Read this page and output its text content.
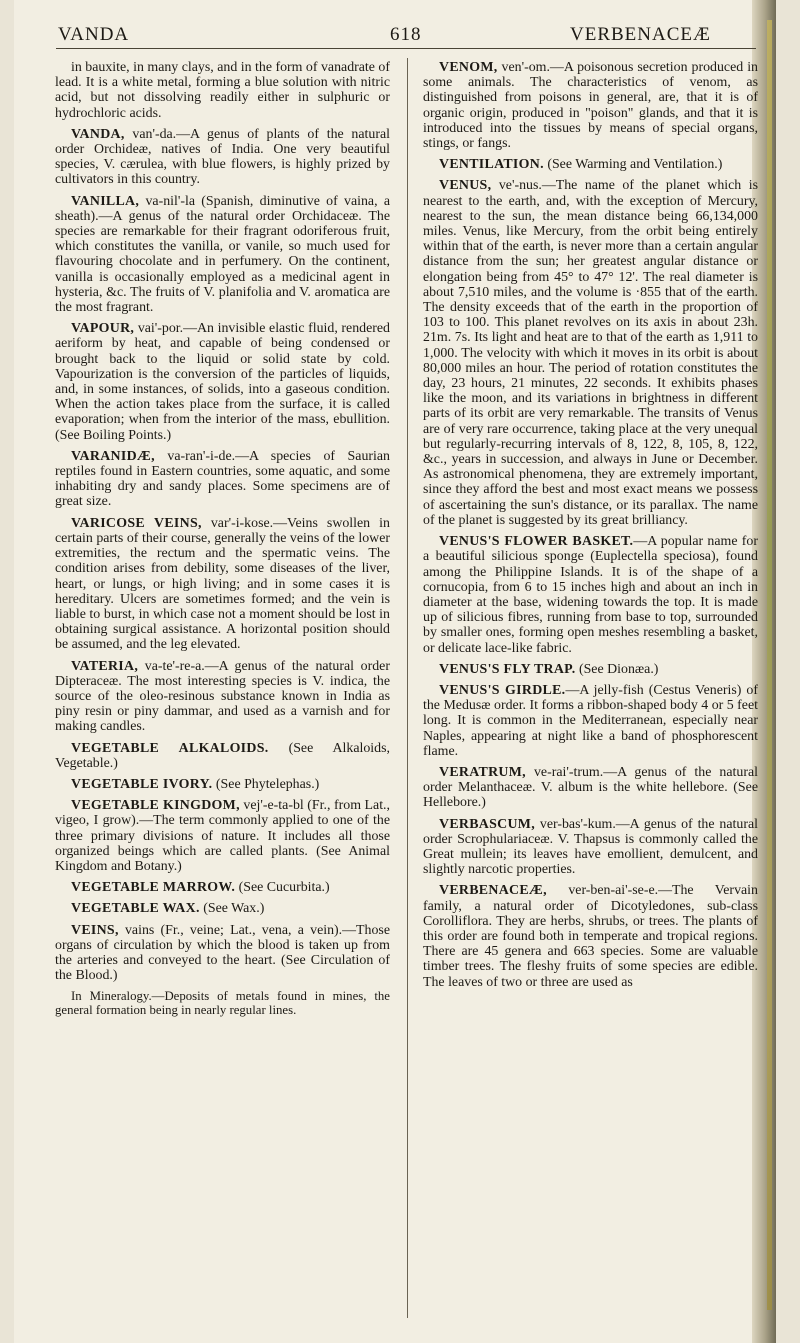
VANDA	618	VERBENACEÆ

in bauxite, in many clays, and in the form of vanadrate of lead. It is a white metal, forming a blue solution with nitric acid, but not dissolving readily either in sulphuric or hydrochloric acids.

VANDA, van'-da.—A genus of plants of the natural order Orchideæ, natives of India. One very beautiful species, V. cærulea, with blue flowers, is highly prized by cultivators in this country.

VANILLA, va-nil'-la (Spanish, diminutive of vaina, a sheath).—A genus of the natural order Orchidaceæ. The species are remarkable for their fragrant odoriferous fruit, which constitutes the vanilla, or vanile, so much used for flavouring chocolate and in perfumery. On the continent, vanilla is occasionally employed as a medicinal agent in hysteria, &c. The fruits of V. planifolia and V. aromatica are the most fragrant.

VAPOUR, vai'-por.—An invisible elastic fluid, rendered aeriform by heat, and capable of being condensed or brought back to the liquid or solid state by cold. Vapourization is the conversion of the particles of liquids, and, in some instances, of solids, into a gaseous condition. When the action takes place from the surface, it is called evaporation; when from the interior of the mass, ebullition. (See Boiling Points.)

VARANIDÆ, va-ran'-i-de.—A species of Saurian reptiles found in Eastern countries, some aquatic, and some inhabiting dry and sandy places. Some specimens are of great size.

VARICOSE VEINS, var'-i-kose.—Veins swollen in certain parts of their course, generally the veins of the lower extremities, the rectum and the spermatic veins. The condition arises from debility, some diseases of the liver, heart, or lungs, or high living; and in some cases it is hereditary. Ulcers are sometimes formed; and the vein is liable to burst, in which case not a moment should be lost in obtaining surgical assistance. A horizontal position should be assumed, and the leg elevated.

VATERIA, va-te'-re-a.—A genus of the natural order Dipteraceæ. The most interesting species is V. indica, the source of the oleo-resinous substance known in India as piny resin or piny dammar, and used as a varnish and for making candles.

VEGETABLE ALKALOIDS. (See Alkaloids, Vegetable.)

VEGETABLE IVORY. (See Phytelephas.)

VEGETABLE KINGDOM, vej'-e-ta-bl (Fr., from Lat., vigeo, I grow).—The term commonly applied to one of the three primary divisions of nature. It includes all those organized beings which are called plants. (See Animal Kingdom and Botany.)

VEGETABLE MARROW. (See Cucurbita.)

VEGETABLE WAX. (See Wax.)

VEINS, vains (Fr., veine; Lat., vena, a vein).—Those organs of circulation by which the blood is taken up from the arteries and conveyed to the heart. (See Circulation of the Blood.)

In Mineralogy.—Deposits of metals found in mines, the general formation being in nearly regular lines.

VENOM, ven'-om.—A poisonous secretion produced in some animals. The characteristics of venom, as distinguished from poisons in general, are, that it is of organic origin, produced in "poison" glands, and that it is introduced into the tissues by means of special organs, stings, or fangs.

VENTILATION. (See Warming and Ventilation.)

VENUS, ve'-nus.—The name of the planet which is nearest to the earth, and, with the exception of Mercury, nearest to the sun, the mean distance being 66,134,000 miles. Venus, like Mercury, from the orbit being entirely within that of the earth, is never more than a certain angular distance from the sun; her greatest angular distance or elongation being from 45° to 47° 12'. The real diameter is about 7,510 miles, and the volume is ·855 that of the earth. The density exceeds that of the earth in the proportion of 103 to 100. This planet revolves on its axis in about 23h. 21m. 7s. Its light and heat are to that of the earth as 1,911 to 1,000. The velocity with which it moves in its orbit is about 80,000 miles an hour. The period of rotation constitutes the day, 23 hours, 21 minutes, 22 seconds. It exhibits phases like the moon, and its variations in brightness in different parts of its orbit are very remarkable. The transits of Venus are of very rare occurrence, taking place at the very unequal but regularly-recurring intervals of 8, 122, 8, 105, 8, 122, &c., years in succession, and always in June or December. As astronomical phenomena, they are extremely important, since they afford the best and most exact means we possess of ascertaining the sun's distance, or its parallax. The name of the planet is suggested by its great brilliancy.

VENUS'S FLOWER BASKET.—A popular name for a beautiful silicious sponge (Euplectella speciosa), found among the Philippine Islands. It is of the shape of a cornucopia, from 6 to 15 inches high and about an inch in diameter at the base, widening towards the top. It is made up of silicious fibres, running from base to top, surrounded by smaller ones, forming open meshes resembling a basket, or delicate lace-like fabric.

VENUS'S FLY TRAP. (See Dionæa.)

VENUS'S GIRDLE.—A jelly-fish (Cestus Veneris) of the Medusæ order. It forms a ribbon-shaped body 4 or 5 feet long. It is common in the Mediterranean, especially near Naples, appearing at night like a band of phosphorescent flame.

VERATRUM, ve-rai'-trum.—A genus of the natural order Melanthaceæ. V. album is the white hellebore. (See Hellebore.)

VERBASCUM, ver-bas'-kum.—A genus of the natural order Scrophulariaceæ. V. Thapsus is commonly called the Great mullein; its leaves have emollient, demulcent, and slightly narcotic properties.

VERBENACEÆ, ver-ben-ai'-se-e.—The Vervain family, a natural order of Dicotyledones, sub-class Corolliflora. They are herbs, shrubs, or trees. The plants of this order are found both in temperate and tropical regions. There are 45 genera and 663 species. Some are valuable timber trees. The fleshy fruits of some species are edible. The leaves of two or three are used as
